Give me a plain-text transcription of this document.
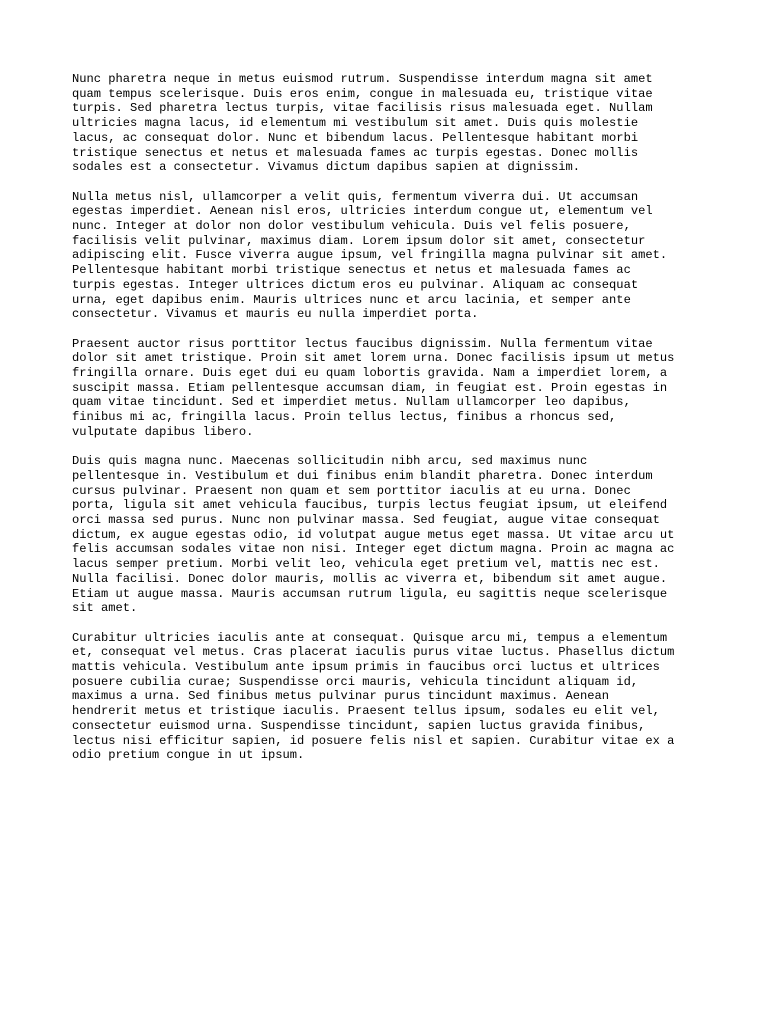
Nunc pharetra neque in metus euismod rutrum. Suspendisse interdum magna sit amet
quam tempus scelerisque. Duis eros enim, congue in malesuada eu, tristique vitae
turpis. Sed pharetra lectus turpis, vitae facilisis risus malesuada eget. Nullam
ultricies magna lacus, id elementum mi vestibulum sit amet. Duis quis molestie
lacus, ac consequat dolor. Nunc et bibendum lacus. Pellentesque habitant morbi
tristique senectus et netus et malesuada fames ac turpis egestas. Donec mollis
sodales est a consectetur. Vivamus dictum dapibus sapien at dignissim.

Nulla metus nisl, ullamcorper a velit quis, fermentum viverra dui. Ut accumsan
egestas imperdiet. Aenean nisl eros, ultricies interdum congue ut, elementum vel
nunc. Integer at dolor non dolor vestibulum vehicula. Duis vel felis posuere,
facilisis velit pulvinar, maximus diam. Lorem ipsum dolor sit amet, consectetur
adipiscing elit. Fusce viverra augue ipsum, vel fringilla magna pulvinar sit amet.
Pellentesque habitant morbi tristique senectus et netus et malesuada fames ac
turpis egestas. Integer ultrices dictum eros eu pulvinar. Aliquam ac consequat
urna, eget dapibus enim. Mauris ultrices nunc et arcu lacinia, et semper ante
consectetur. Vivamus et mauris eu nulla imperdiet porta.

Praesent auctor risus porttitor lectus faucibus dignissim. Nulla fermentum vitae
dolor sit amet tristique. Proin sit amet lorem urna. Donec facilisis ipsum ut metus
fringilla ornare. Duis eget dui eu quam lobortis gravida. Nam a imperdiet lorem, a
suscipit massa. Etiam pellentesque accumsan diam, in feugiat est. Proin egestas in
quam vitae tincidunt. Sed et imperdiet metus. Nullam ullamcorper leo dapibus,
finibus mi ac, fringilla lacus. Proin tellus lectus, finibus a rhoncus sed,
vulputate dapibus libero.

Duis quis magna nunc. Maecenas sollicitudin nibh arcu, sed maximus nunc
pellentesque in. Vestibulum et dui finibus enim blandit pharetra. Donec interdum
cursus pulvinar. Praesent non quam et sem porttitor iaculis at eu urna. Donec
porta, ligula sit amet vehicula faucibus, turpis lectus feugiat ipsum, ut eleifend
orci massa sed purus. Nunc non pulvinar massa. Sed feugiat, augue vitae consequat
dictum, ex augue egestas odio, id volutpat augue metus eget massa. Ut vitae arcu ut
felis accumsan sodales vitae non nisi. Integer eget dictum magna. Proin ac magna ac
lacus semper pretium. Morbi velit leo, vehicula eget pretium vel, mattis nec est.
Nulla facilisi. Donec dolor mauris, mollis ac viverra et, bibendum sit amet augue.
Etiam ut augue massa. Mauris accumsan rutrum ligula, eu sagittis neque scelerisque
sit amet.

Curabitur ultricies iaculis ante at consequat. Quisque arcu mi, tempus a elementum
et, consequat vel metus. Cras placerat iaculis purus vitae luctus. Phasellus dictum
mattis vehicula. Vestibulum ante ipsum primis in faucibus orci luctus et ultrices
posuere cubilia curae; Suspendisse orci mauris, vehicula tincidunt aliquam id,
maximus a urna. Sed finibus metus pulvinar purus tincidunt maximus. Aenean
hendrerit metus et tristique iaculis. Praesent tellus ipsum, sodales eu elit vel,
consectetur euismod urna. Suspendisse tincidunt, sapien luctus gravida finibus,
lectus nisi efficitur sapien, id posuere felis nisl et sapien. Curabitur vitae ex a
odio pretium congue in ut ipsum.
